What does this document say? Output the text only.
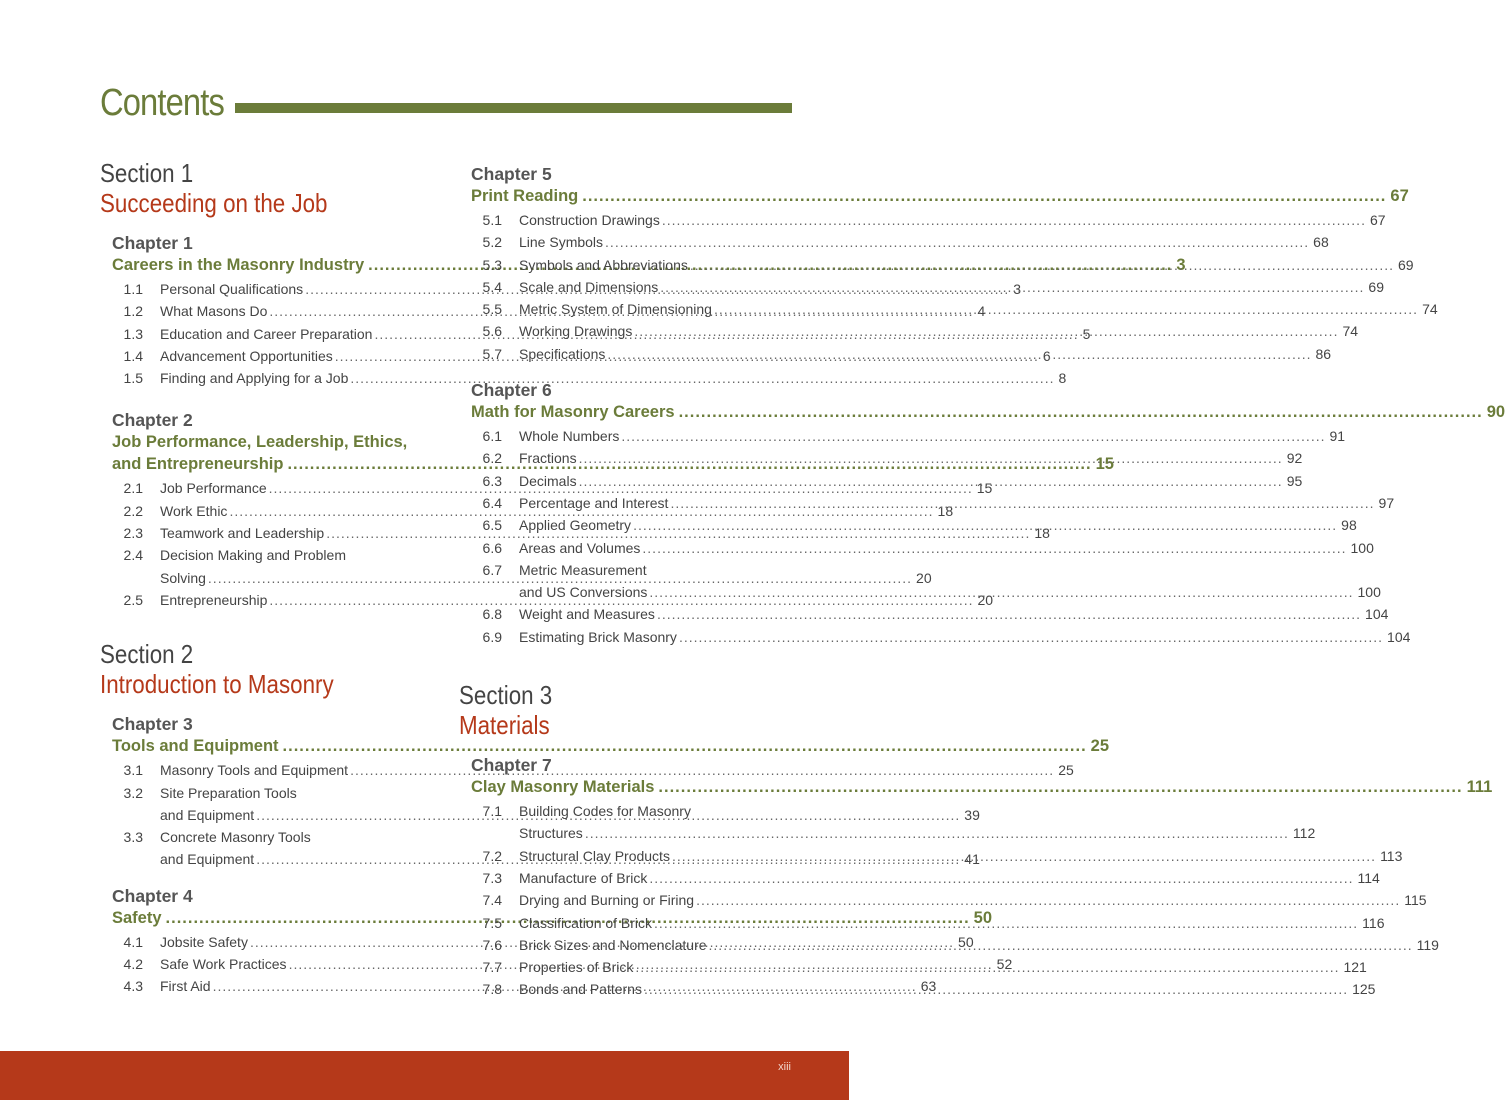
Contents
Section 1
Succeeding on the Job
Chapter 1
Careers in the Masonry Industry .....	3
1.1	Personal Qualifications .....	3
1.2	What Masons Do .....	4
1.3	Education and Career Preparation .....	5
1.4	Advancement Opportunities .....	6
1.5	Finding and Applying for a Job .....	8
Chapter 2
Job Performance, Leadership, Ethics,
and Entrepreneurship .....	15
2.1	Job Performance .....	15
2.2	Work Ethic .....	18
2.3	Teamwork and Leadership .....	18
2.4	Decision Making and Problem
Solving .....	20
2.5	Entrepreneurship .....	20
Section 2
Introduction to Masonry
Chapter 3
Tools and Equipment .....	25
3.1	Masonry Tools and Equipment .....	25
3.2	Site Preparation Tools
and Equipment .....	39
3.3	Concrete Masonry Tools
and Equipment .....	41
Chapter 4
Safety .....	50
4.1	Jobsite Safety .....	50
4.2	Safe Work Practices .....	52
4.3	First Aid .....	63
Chapter 5
Print Reading .....	67
5.1	Construction Drawings .....	67
5.2	Line Symbols .....	68
5.3	Symbols and Abbreviations .....	69
5.4	Scale and Dimensions .....	69
5.5	Metric System of Dimensioning .....	74
5.6	Working Drawings .....	74
5.7	Specifications .....	86
Chapter 6
Math for Masonry Careers .....	90
6.1	Whole Numbers .....	91
6.2	Fractions .....	92
6.3	Decimals .....	95
6.4	Percentage and Interest .....	97
6.5	Applied Geometry .....	98
6.6	Areas and Volumes .....	100
6.7	Metric Measurement
and US Conversions .....	100
6.8	Weight and Measures .....	104
6.9	Estimating Brick Masonry .....	104
Section 3
Materials
Chapter 7
Clay Masonry Materials .....	111
7.1	Building Codes for Masonry
Structures .....	112
7.2	Structural Clay Products .....	113
7.3	Manufacture of Brick .....	114
7.4	Drying and Burning or Firing .....	115
7.5	Classification of Brick .....	116
7.6	Brick Sizes and Nomenclature .....	119
7.7	Properties of Brick .....	121
7.8	Bonds and Patterns .....	125
xiii
